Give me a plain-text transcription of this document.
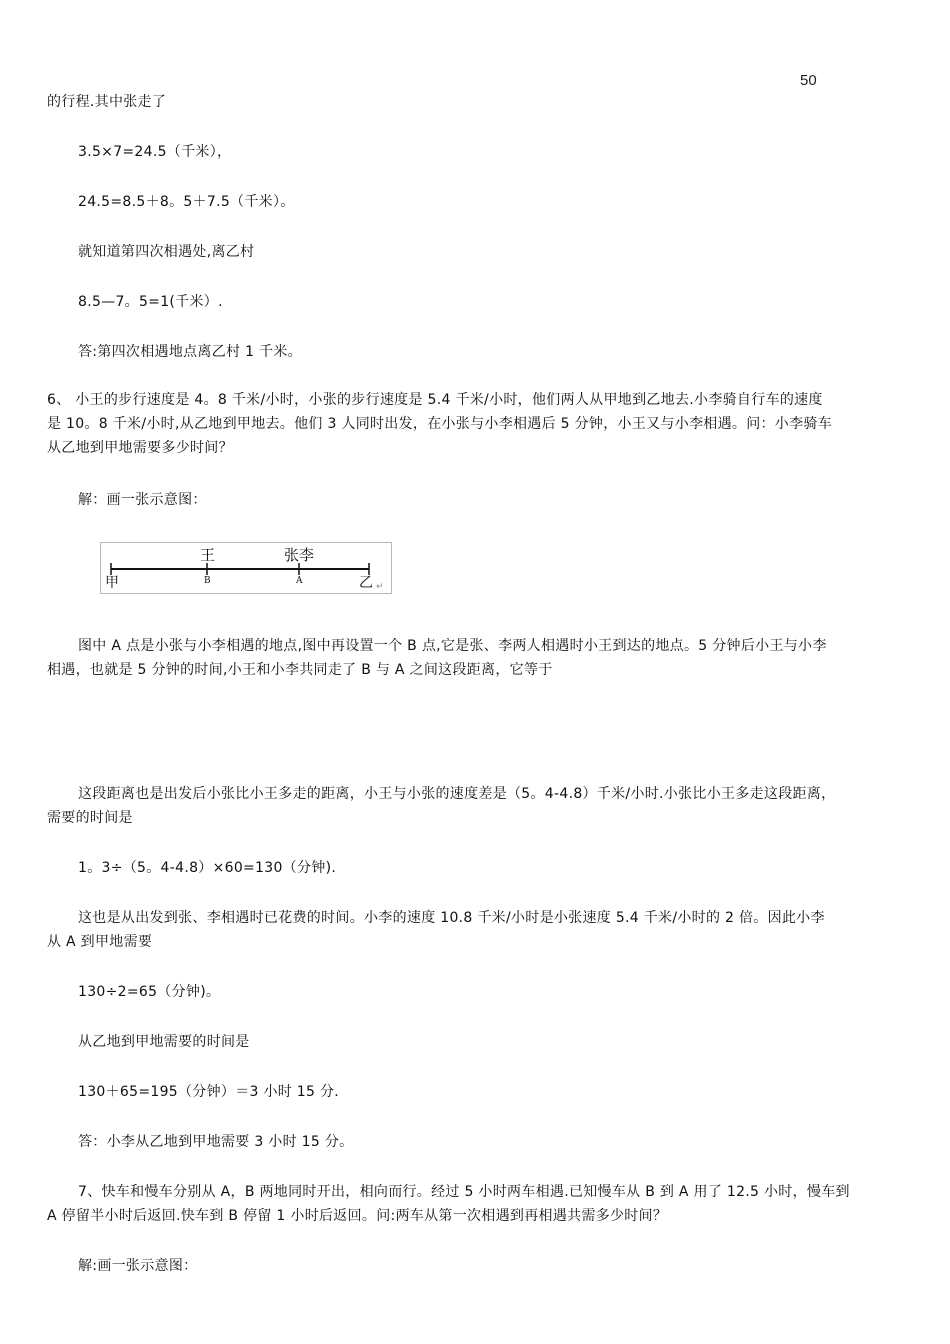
50
的行程.其中张走了
3.5×7=24.5（千米），
24.5=8.5＋8。5＋7.5（千米）。
就知道第四次相遇处,离乙村
8.5—7。5=1(千米）.
答:第四次相遇地点离乙村 1 千米。
6、 小王的步行速度是 4。8 千米/小时，小张的步行速度是 5.4 千米/小时，他们两人从甲地到乙地去.小李骑自行车的速度
是 10。8 千米/小时,从乙地到甲地去。他们 3 人同时出发，在小张与小李相遇后 5 分钟，小王又与小李相遇。问：小李骑车
从乙地到甲地需要多少时间？
解：画一张示意图：
甲	乙
王	张李
B	A
↵
图中 A 点是小张与小李相遇的地点,图中再设置一个 B 点,它是张、李两人相遇时小王到达的地点。5 分钟后小王与小李
相遇，也就是 5 分钟的时间,小王和小李共同走了 B 与 A 之间这段距离，它等于
这段距离也是出发后小张比小王多走的距离，小王与小张的速度差是（5。4-4.8）千米/小时.小张比小王多走这段距离，
需要的时间是
1。3÷（5。4-4.8）×60=130（分钟).
这也是从出发到张、李相遇时已花费的时间。小李的速度 10.8 千米/小时是小张速度 5.4 千米/小时的 2 倍。因此小李
从 A 到甲地需要
130÷2=65（分钟)。
从乙地到甲地需要的时间是
130＋65=195（分钟）＝3 小时 15 分.
答：小李从乙地到甲地需要 3 小时 15 分。
7、快车和慢车分别从 A，B 两地同时开出，相向而行。经过 5 小时两车相遇.已知慢车从 B 到 A 用了 12.5 小时，慢车到
A 停留半小时后返回.快车到 B 停留 1 小时后返回。问:两车从第一次相遇到再相遇共需多少时间？
解:画一张示意图：
